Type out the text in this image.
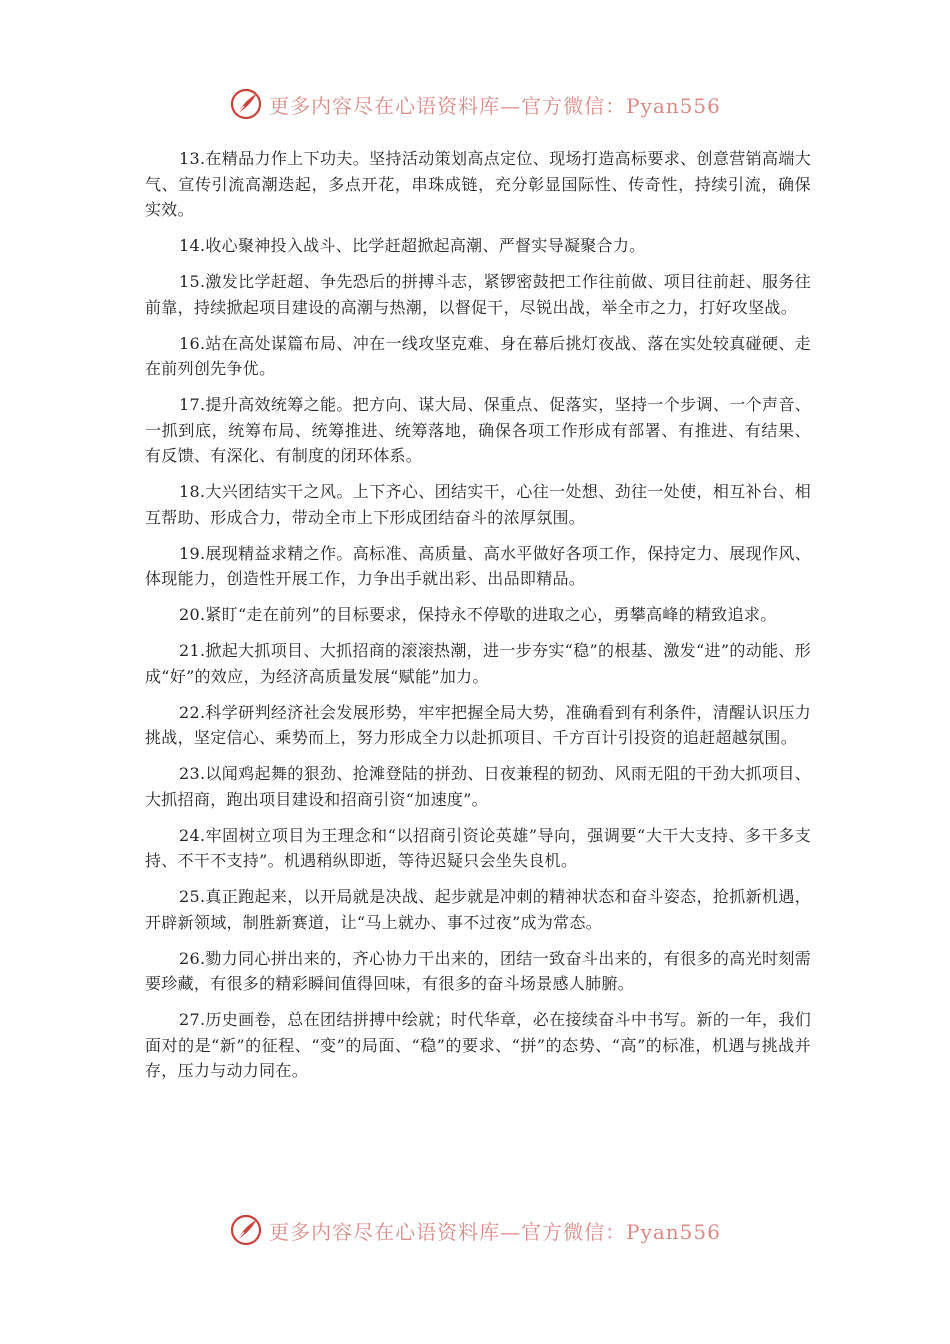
更多内容尽在心语资料库—官方微信：Pyan556

13.在精品力作上下功夫。坚持活动策划高点定位、现场打造高标要求、创意营销高端大气、宣传引流高潮迭起，多点开花，串珠成链，充分彰显国际性、传奇性，持续引流，确保实效。

14.收心聚神投入战斗、比学赶超掀起高潮、严督实导凝聚合力。

15.激发比学赶超、争先恐后的拼搏斗志，紧锣密鼓把工作往前做、项目往前赶、服务往前靠，持续掀起项目建设的高潮与热潮，以督促干，尽锐出战，举全市之力，打好攻坚战。

16.站在高处谋篇布局、冲在一线攻坚克难、身在幕后挑灯夜战、落在实处较真碰硬、走在前列创先争优。

17.提升高效统筹之能。把方向、谋大局、保重点、促落实，坚持一个步调、一个声音、一抓到底，统筹布局、统筹推进、统筹落地，确保各项工作形成有部署、有推进、有结果、有反馈、有深化、有制度的闭环体系。

18.大兴团结实干之风。上下齐心、团结实干，心往一处想、劲往一处使，相互补台、相互帮助、形成合力，带动全市上下形成团结奋斗的浓厚氛围。

19.展现精益求精之作。高标准、高质量、高水平做好各项工作，保持定力、展现作风、体现能力，创造性开展工作，力争出手就出彩、出品即精品。

20.紧盯“走在前列”的目标要求，保持永不停歇的进取之心，勇攀高峰的精致追求。

21.掀起大抓项目、大抓招商的滚滚热潮，进一步夯实“稳”的根基、激发“进”的动能、形成“好”的效应，为经济高质量发展“赋能”加力。

22.科学研判经济社会发展形势，牢牢把握全局大势，准确看到有利条件，清醒认识压力挑战，坚定信心、乘势而上，努力形成全力以赴抓项目、千方百计引投资的追赶超越氛围。

23.以闻鸡起舞的狠劲、抢滩登陆的拼劲、日夜兼程的韧劲、风雨无阻的干劲大抓项目、大抓招商，跑出项目建设和招商引资“加速度”。

24.牢固树立项目为王理念和“以招商引资论英雄”导向，强调要“大干大支持、多干多支持、不干不支持”。机遇稍纵即逝，等待迟疑只会坐失良机。

25.真正跑起来，以开局就是决战、起步就是冲刺的精神状态和奋斗姿态，抢抓新机遇，开辟新领域，制胜新赛道，让“马上就办、事不过夜”成为常态。

26.勠力同心拼出来的，齐心协力干出来的，团结一致奋斗出来的，有很多的高光时刻需要珍藏，有很多的精彩瞬间值得回味，有很多的奋斗场景感人肺腑。

27.历史画卷，总在团结拼搏中绘就；时代华章，必在接续奋斗中书写。新的一年，我们面对的是“新”的征程、“变”的局面、“稳”的要求、“拼”的态势、“高”的标准，机遇与挑战并存，压力与动力同在。

更多内容尽在心语资料库—官方微信：Pyan556
